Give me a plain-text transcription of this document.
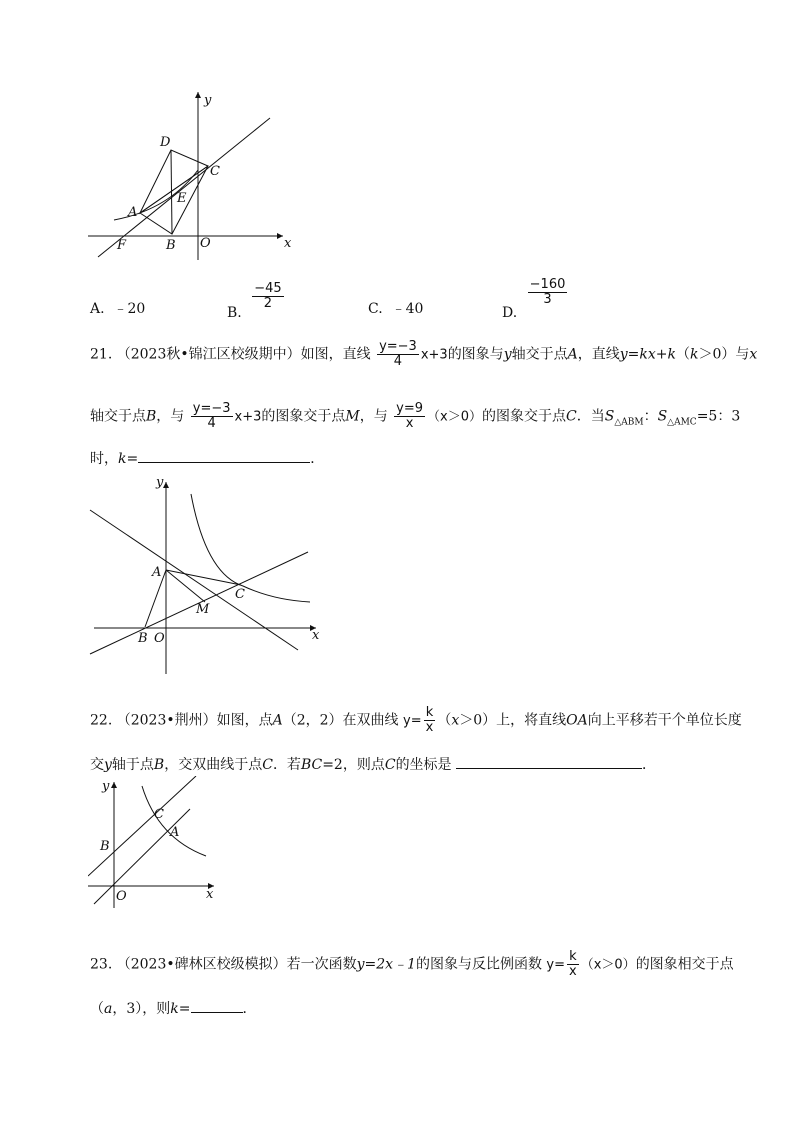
y
x
D
C
E
A
F	B O
A. ﹣20	B.
$\frac{-45}{2}$	C. ﹣40	D.
$\frac{-160}{3}$
21. （2023秋•锦江区校级期中）如图，直线 $\frac{y=-3}{4} x+3$的图象与y轴交于点A，直线y=kx+k（k＞0）与x
轴交于点B，与 $\frac{y=-3}{4} x+3$的图象交于点M，与 $\frac{y=9}{x} (x>0)$的图象交于点C．当$S_{\triangle ABM}$：$S_{\triangle AMC}=5$：3
时，k=	．
y
A
M
C
B O	x
22. （2023•荆州）如图，点A（2，2）在双曲线 $y= \frac{k}{x} (x>0)$上，将直线OA向上平移若干个单位长度
交y轴于点B，交双曲线于点C．若BC=2，则点C的坐标是	．
y
C
A
B
O	x
23. （2023•碑林区校级模拟）若一次函数y=2x﹣1的图象与反比例函数 $y= \frac{k}{x} (x>0)$的图象相交于点
（a，3），则k=	．
